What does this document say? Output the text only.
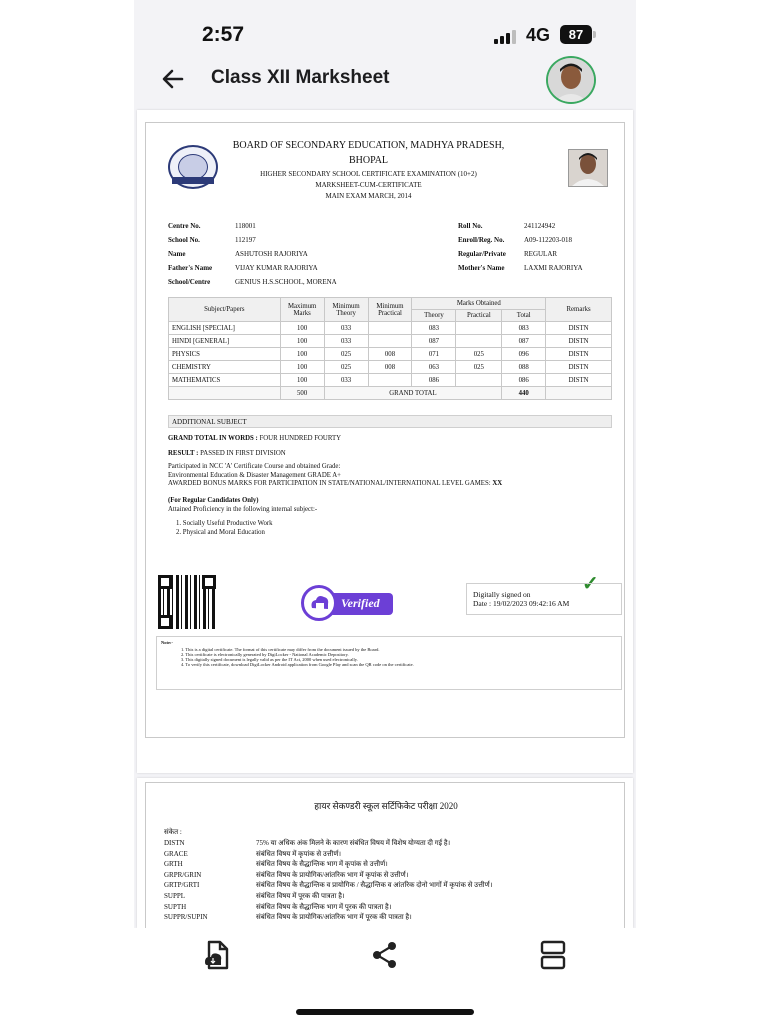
2:57	4G	87
Class XII Marksheet
BOARD OF SECONDARY EDUCATION, MADHYA PRADESH,
BHOPAL
HIGHER SECONDARY SCHOOL CERTIFICATE EXAMINATION (10+2)
MARKSHEET-CUM-CERTIFICATE
MAIN EXAM MARCH, 2014
Centre No.	118001
School No.	112197
Name	ASHUTOSH RAJORIYA
Father's Name	VIJAY KUMAR RAJORIYA
School/Centre	GENIUS H.S.SCHOOL, MORENA
Roll No.	241124942
Enroll/Reg. No.	A09-112203-018
Regular/Private	REGULAR
Mother's Name	LAXMI RAJORIYA
Subject/Papers	Maximum Marks	Minimum Theory	Minimum Practical	Marks Obtained			Remarks
				Theory	Practical	Total	
ENGLISH [SPECIAL]	100	033		083		083	DISTN
HINDI [GENERAL]	100	033		087		087	DISTN
PHYSICS	100	025	008	071	025	096	DISTN
CHEMISTRY	100	025	008	063	025	088	DISTN
MATHEMATICS	100	033		086		086	DISTN
	500	GRAND TOTAL				440	
ADDITIONAL SUBJECT
GRAND TOTAL IN WORDS : FOUR HUNDRED FOURTY
RESULT : PASSED IN FIRST DIVISION
Participated in NCC 'A' Certificate Course and obtained Grade:
Environmental Education & Disaster Management GRADE A+
AWARDED BONUS MARKS FOR PARTICIPATION IN STATE/NATIONAL/INTERNATIONAL LEVEL GAMES: XX
(For Regular Candidates Only)
Attained Proficiency in the following internal subject:-
1. Socially Useful Productive Work
2. Physical and Moral Education
Verified
✓
Digitally signed on
Date : 19/02/2023 09:42:16 AM
Note:-
1. This is a digital certificate. The format of this certificate may differ from the document issued by the Board.
2. This certificate is electronically generated by DigiLocker - National Academic Depository.
3. This digitally signed document is legally valid as per the IT Act, 2000 when used electronically.
4. To verify this certificate, download DigiLocker Android application from Google Play and scan the QR code on the certificate.
हायर सेकण्डरी स्कूल सर्टिफिकेट परीक्षा 2020
संकेत :
DISTN	75% या अधिक अंक मिलने के कारण संबंधित विषय में विशेष योग्यता दी गई है।
GRACE	संबंधित विषय में कृपांक से उत्तीर्ण।
GRTH	संबंधित विषय के सैद्धान्तिक भाग में कृपांक से उत्तीर्ण।
GRPR/GRIN	संबंधित विषय के प्रायोगिक/आंतरिक भाग में कृपांक से उत्तीर्ण।
GRTP/GRTI	संबंधित विषय के सैद्धान्तिक व प्रायोगिक / सैद्धान्तिक व आंतरिक दोनो भागों में कृपांक से उत्तीर्ण।
SUPPL	संबंधित विषय में पूरक की पात्रता है।
SUPTH	संबंधित विषय के सैद्धान्तिक भाग में पूरक की पात्रता है।
SUPPR/SUPIN	संबंधित विषय के प्रायोगिक/आंतरिक भाग में पूरक की पात्रता है।
